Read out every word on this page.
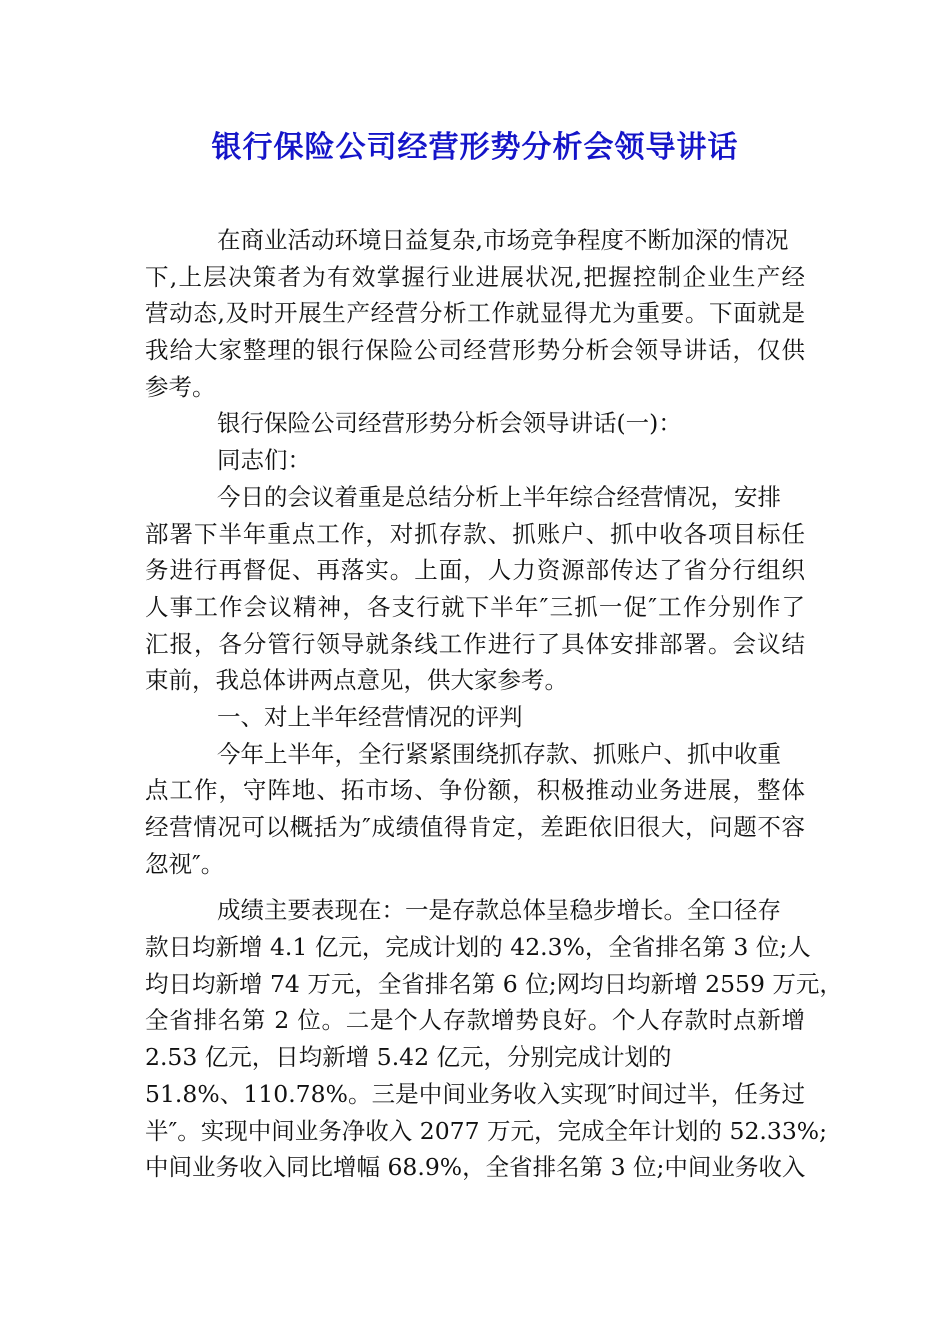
银行保险公司经营形势分析会领导讲话
在商业活动环境日益复杂,市场竞争程度不断加深的情况
下,上层决策者为有效掌握行业进展状况,把握控制企业生产经
营动态,及时开展生产经营分析工作就显得尤为重要。下面就是
我给大家整理的银行保险公司经营形势分析会领导讲话，仅供
参考。
银行保险公司经营形势分析会领导讲话(一)：
同志们：
今日的会议着重是总结分析上半年综合经营情况，安排
部署下半年重点工作，对抓存款、抓账户、抓中收各项目标任
务进行再督促、再落实。上面，人力资源部传达了省分行组织
人事工作会议精神，各支行就下半年″三抓一促″工作分别作了
汇报，各分管行领导就条线工作进行了具体安排部署。会议结
束前，我总体讲两点意见，供大家参考。
一、对上半年经营情况的评判
今年上半年，全行紧紧围绕抓存款、抓账户、抓中收重
点工作，守阵地、拓市场、争份额，积极推动业务进展，整体
经营情况可以概括为″成绩值得肯定，差距依旧很大，问题不容
忽视″。
成绩主要表现在：一是存款总体呈稳步增长。全口径存
款日均新增 4.1 亿元，完成计划的 42.3%，全省排名第 3 位;人
均日均新增 74 万元，全省排名第 6 位;网均日均新增 2559 万元，
全省排名第 2 位。二是个人存款增势良好。个人存款时点新增
2.53 亿元，日均新增 5.42 亿元，分别完成计划的
51.8%、110.78%。三是中间业务收入实现″时间过半，任务过
半″。实现中间业务净收入 2077 万元，完成全年计划的 52.33%;
中间业务收入同比增幅 68.9%，全省排名第 3 位;中间业务收入
